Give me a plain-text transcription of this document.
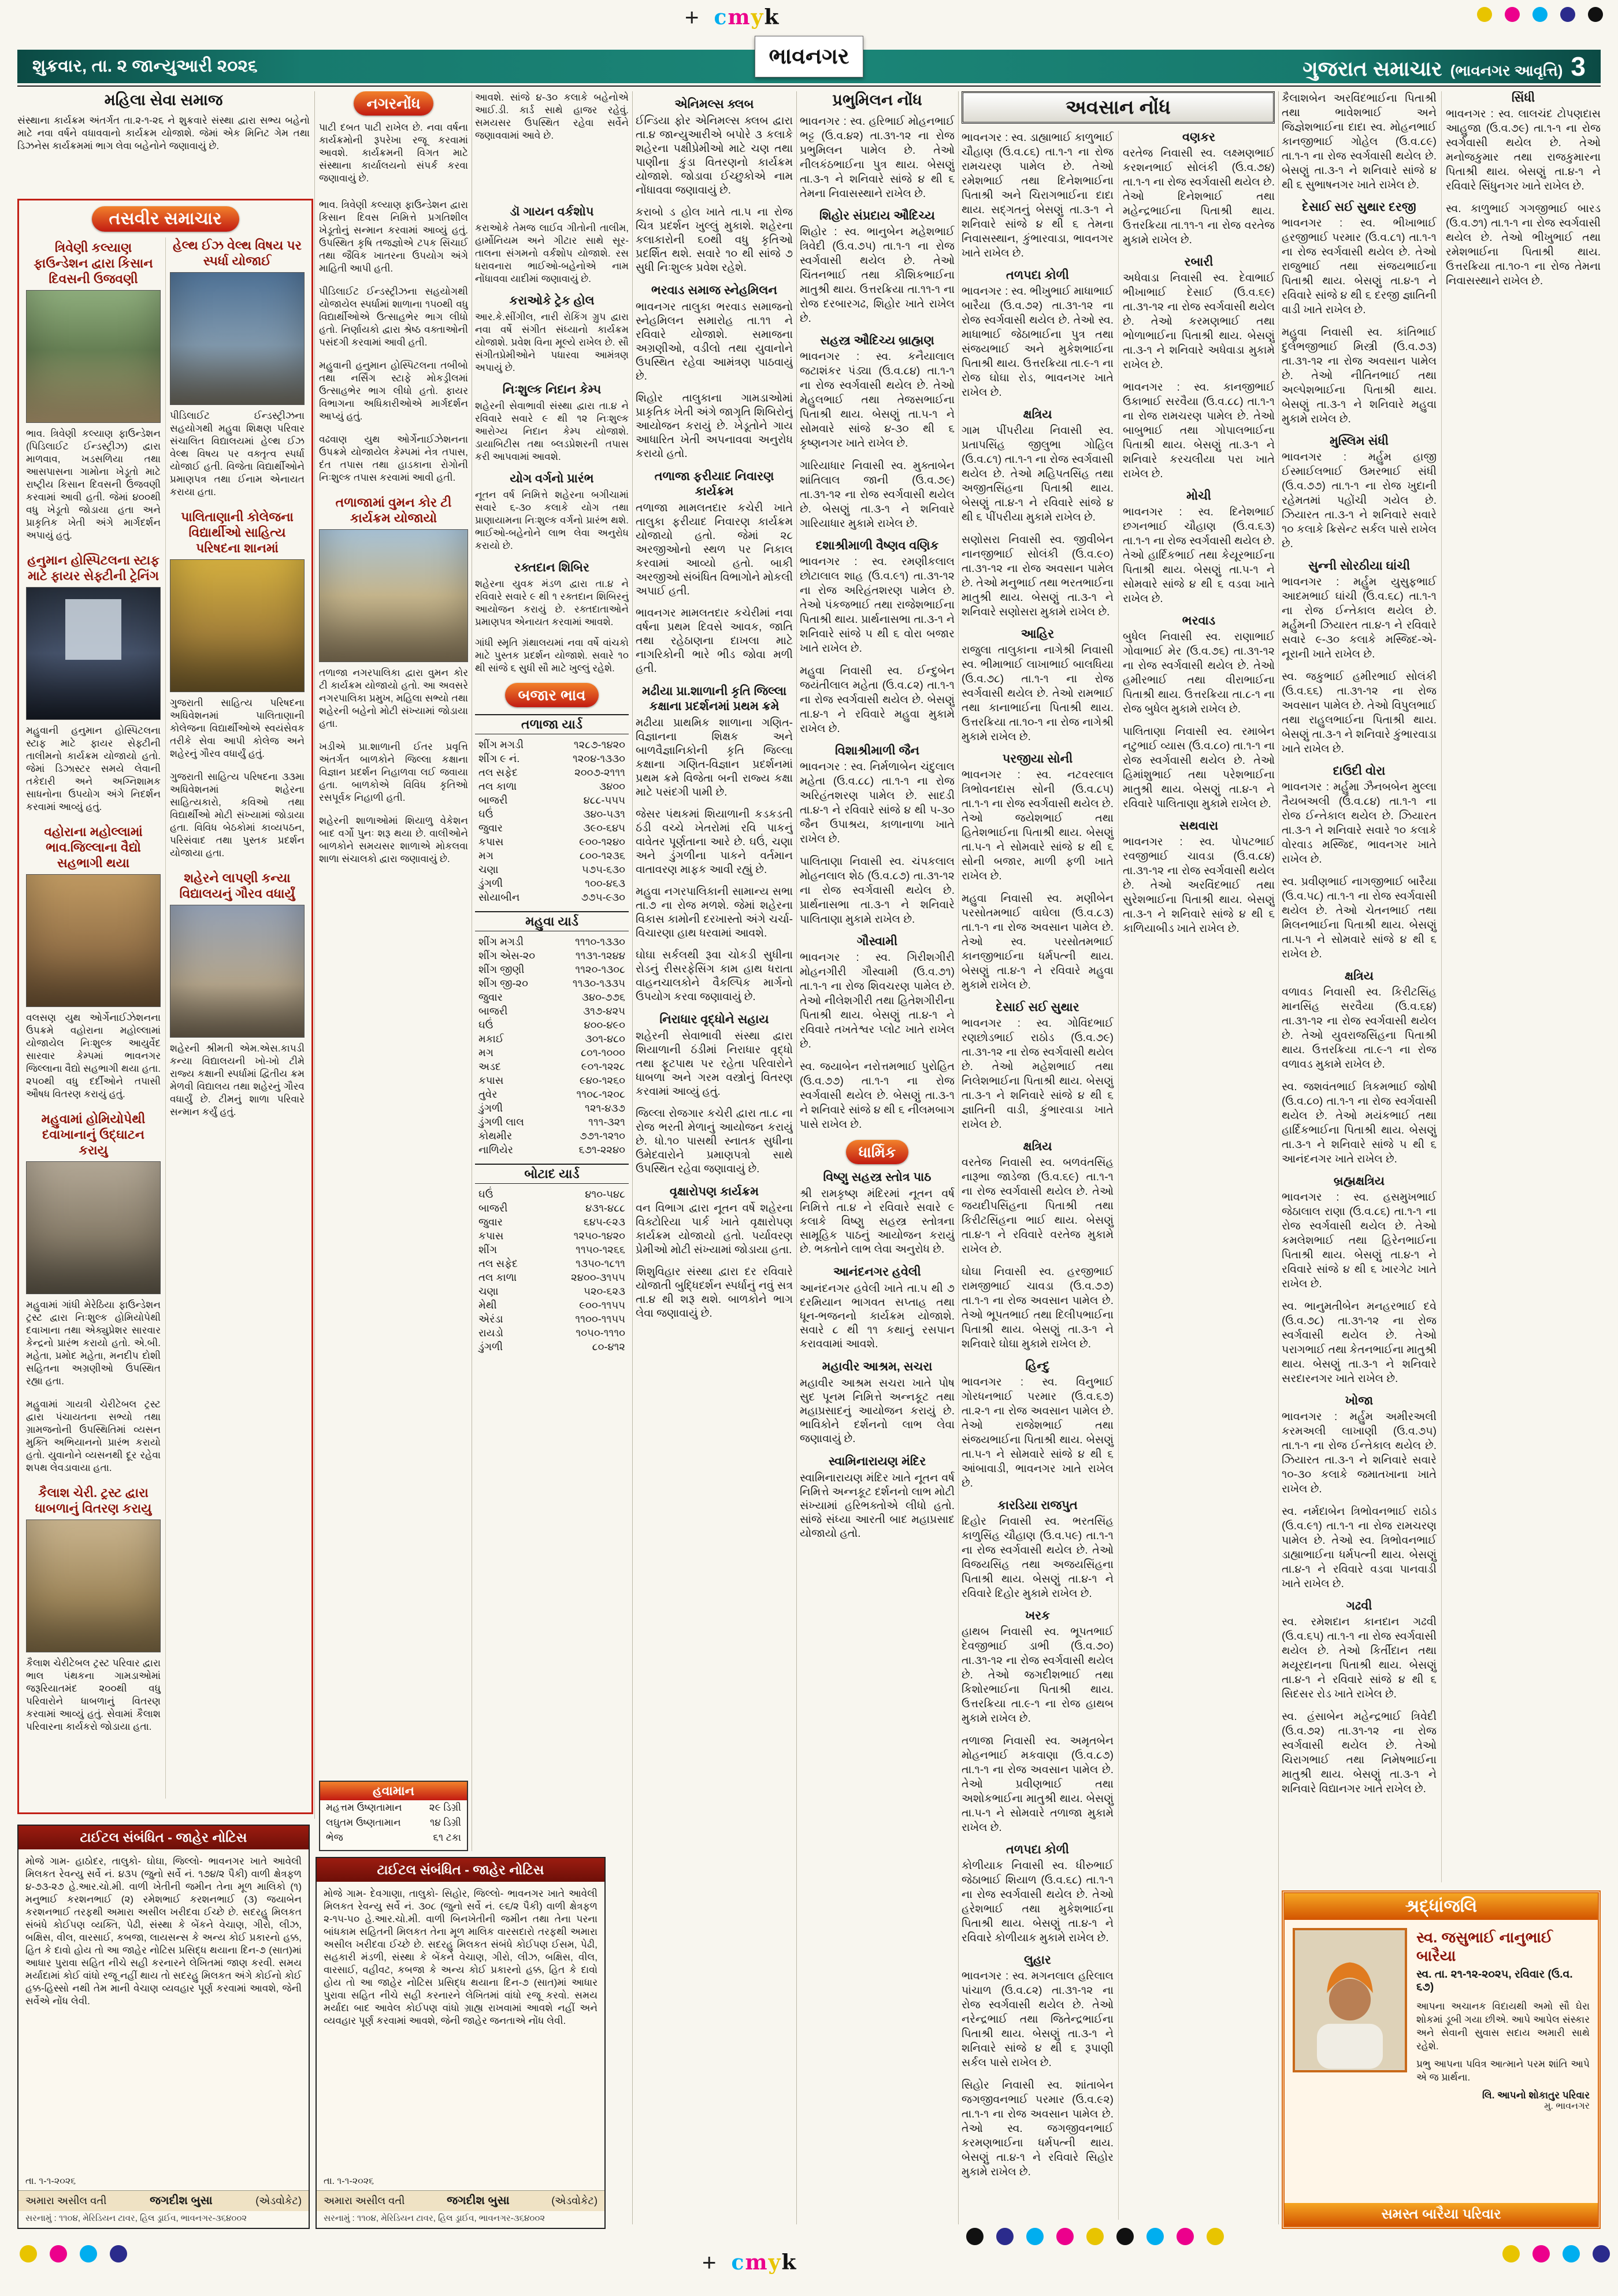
+ cmyk
શુક્રવાર, તા. ૨ જાન્યુઆરી ૨૦૨૬	ગુજરાત સમાચાર (ભાવનગર આવૃત્તિ) 3
ભાવનગર
મહિલા સેવા સમાજ
સંસ્થાના કાર્યક્રમ અંતર્ગત તા.૨-૧-૨૬ ને શુક્રવારે સંસ્થા દ્વારા સભ્ય બહેનો માટે નવા વર્ષને વધાવવાનો કાર્યક્રમ યોજાશે. જેમાં એક મિનિટ ગેમ તથા ડિઝનેસ કાર્યક્રમમાં ભાગ લેવા બહેનોને જણાવાયું છે.
નગરનોંધ
પાટી દબત પાટી રાખેલ છે. નવા વર્ષના કાર્યક્રમોની રૂપરેખા રજૂ કરવામાં આવશે. કાર્યક્રમની વિગત માટે સંસ્થાના કાર્યાલયનો સંપર્ક કરવા જણાવાયું છે.
આવશે. સાંજે ૪-૩૦ કલાકે બહેનોએ આઈ.ડી. કાર્ડ સાથે હાજર રહેવું. સમયસર ઉપસ્થિત રહેવા સર્વેને જણાવવામાં આવે છે.
તસવીર સમાચાર
ત્રિવેણી કલ્યાણ ફાઉન્ડેશન દ્વારા કિસાન દિવસની ઉજવણી
ભાવ. ત્રિવેણી કલ્યાણ ફાઉન્ડેશન (પિડિલાઈટ ઈન્ડસ્ટ્રીઝ) દ્વારા માળવાવ, ખડસળિયા તથા આસપાસના ગામોના ખેડૂતો માટે રાષ્ટ્રીય કિસાન દિવસની ઉજવણી કરવામાં આવી હતી. જેમાં ૪૦૦થી વધુ ખેડૂતો જોડાયા હતા અને પ્રાકૃતિક ખેતી અંગે માર્ગદર્શન અપાયું હતું.
હનુમાન હોસ્પિટલના સ્ટાફ માટે ફાયર સેફ્ટીની ટ્રેનિંગ
મહુવાની હનુમાન હોસ્પિટલના સ્ટાફ માટે ફાયર સેફ્ટીની તાલીમનો કાર્યક્રમ યોજાયો હતો. જેમાં ડિઝાસ્ટર સમયે લેવાની તકેદારી અને અગ્નિશામક સાધનોના ઉપયોગ અંગે નિદર્શન કરવામાં આવ્યું હતું.
વહોરાના મહોલ્લામાં ભાવ.જિલ્લાના વૈદ્યો સહભાગી થયા
વલસણ યુથ ઓર્ગેનાઈઝેશનના ઉપક્રમે વહોરાના મહોલ્લામાં યોજાયેલ નિઃશુલ્ક આયુર્વેદ સારવાર કેમ્પમાં ભાવનગર જિલ્લાના વૈદ્યો સહભાગી થયા હતા. ૨૫૦થી વધુ દર્દીઓને તપાસી ઔષધ વિતરણ કરાયું હતું.
મહુવામાં હોમિયોપેથી દવાખાનાનું ઉદ્ઘાટન કરાયુ
મહુવામાં ગાંધી મેરેઠિયા ફાઉન્ડેશન ટ્રસ્ટ દ્વારા નિઃશુલ્ક હોમિયોપેથી દવાખાના તથા એક્યુપ્રેશર સારવાર કેન્દ્રનો પ્રારંભ કરાયો હતો. એ.બી. મહેતા, પ્રમોદ મહેતા, મનદીપ દોશી સહિતના અગ્રણીઓ ઉપસ્થિત રહ્યા હતા.
મહુવામાં ગાયત્રી ચેરીટેબલ ટ્રસ્ટ દ્વારા પંચાયતના સભ્યો તથા ગ્રામજનોની ઉપસ્થિતિમાં વ્યસન મુક્તિ અભિયાનનો પ્રારંભ કરાયો હતો. યુવાનોને વ્યસનથી દૂર રહેવા શપથ લેવડાવાયા હતા.
કૈલાશ ચેરી. ટ્રસ્ટ દ્વારા ધાબળાનું વિતરણ કરાયુ
કૈલાશ ચેરીટેબલ ટ્રસ્ટ પરિવાર દ્વારા ભાલ પંથકના ગામડાઓમાં જરૂરિયાતમંદ ૨૦૦થી વધુ પરિવારોને ધાબળાનું વિતરણ કરવામાં આવ્યું હતું. સેવામાં કૈલાશ પરિવારના કાર્યકરો જોડાયા હતા.
હેલ્થ ઈઝ વેલ્થ વિષય પર સ્પર્ધા યોજાઈ
પીડિલાઈટ ઈન્ડસ્ટ્રીઝના સહયોગથી મહુવા શિક્ષણ પરિવાર સંચાલિત વિદ્યાલયમાં હેલ્થ ઈઝ વેલ્થ વિષય પર વક્તૃત્વ સ્પર્ધા યોજાઈ હતી. વિજેતા વિદ્યાર્થીઓને પ્રમાણપત્ર તથા ઈનામ એનાયત કરાયા હતા.
પાલિતાણાની કોલેજના વિદ્યાર્થીઓ સાહિત્ય પરિષદના શાનમાં
ગુજરાતી સાહિત્ય પરિષદના અધિવેશનમાં પાલિતાણાની કોલેજના વિદ્યાર્થીઓએ સ્વયંસેવક તરીકે સેવા આપી કોલેજ અને શહેરનું ગૌરવ વધાર્યું હતું.
ગુજરાતી સાહિત્ય પરિષદના ૩૩મા અધિવેશનમાં શહેરના સાહિત્યકારો, કવિઓ તથા વિદ્યાર્થીઓ મોટી સંખ્યામાં જોડાયા હતા. વિવિધ બેઠકોમાં કાવ્યપઠન, પરિસંવાદ તથા પુસ્તક પ્રદર્શન યોજાયા હતા.
શહેરને લાપણી કન્યા વિદ્યાલયનું ગૌરવ વધાર્યું
શહેરની શ્રીમતી એમ.એસ.કાપડી કન્યા વિદ્યાલયની ખો-ખો ટીમે રાજ્ય કક્ષાની સ્પર્ધામાં દ્વિતીય ક્રમ મેળવી વિદ્યાલય તથા શહેરનું ગૌરવ વધાર્યું છે. ટીમનું શાળા પરિવારે સન્માન કર્યું હતું.
ભાવ. ત્રિવેણી કલ્યાણ ફાઉન્ડેશન દ્વારા કિસાન દિવસ નિમિત્તે પ્રગતિશીલ ખેડૂતોનું સન્માન કરવામાં આવ્યું હતું. ઉપસ્થિત કૃષિ તજજ્ઞોએ ટપક સિંચાઈ તથા જૈવિક ખાતરના ઉપયોગ અંગે માહિતી આપી હતી.
પીડિલાઈટ ઈન્ડસ્ટ્રીઝના સહયોગથી યોજાયેલ સ્પર્ધામાં શાળાના ૧૫૦થી વધુ વિદ્યાર્થીઓએ ઉત્સાહભેર ભાગ લીધો હતો. નિર્ણાયકો દ્વારા શ્રેષ્ઠ વક્તાઓની પસંદગી કરવામાં આવી હતી.
મહુવાની હનુમાન હોસ્પિટલના તબીબો તથા નર્સિંગ સ્ટાફે મોકડ્રીલમાં ઉત્સાહભેર ભાગ લીધો હતો. ફાયર વિભાગના અધિકારીઓએ માર્ગદર્શન આપ્યું હતું.
વઢવાણ યુથ ઓર્ગેનાઈઝેશનના ઉપક્રમે યોજાયેલ કેમ્પમાં નેત્ર તપાસ, દંત તપાસ તથા હાડકાના રોગોની નિઃશુલ્ક તપાસ કરવામાં આવી હતી.
તળાજામાં વુમન કોર ટી કાર્યક્રમ યોજાયો
તળાજા નગરપાલિકા દ્વારા વુમન કોર ટી કાર્યક્રમ યોજાયો હતો. આ અવસરે નગરપાલિકા પ્રમુખ, મહિલા સભ્યો તથા શહેરની બહેનો મોટી સંખ્યામાં જોડાયા હતા.
ખડીએ પ્રા.શાળાની ઈતર પ્રવૃત્તિ અંતર્ગત બાળકોને જિલ્લા કક્ષાના વિજ્ઞાન પ્રદર્શન નિહાળવા લઈ જવાયા હતા. બાળકોએ વિવિધ કૃતિઓ રસપૂર્વક નિહાળી હતી.
શહેરની શાળાઓમાં શિયાળુ વેકેશન બાદ વર્ગો પુનઃ શરૂ થયા છે. વાલીઓને બાળકોને સમયસર શાળાએ મોકલવા શાળા સંચાલકો દ્વારા જણાવાયું છે.
હવામાન
મહત્તમ ઉષ્ણતામાન	૨૯ ડિગ્રી
લઘુતમ ઉષ્ણતામાન	૧૪ ડિગ્રી
ભેજ	૬૧ ટકા
ડૉ ગાયન વર્કશોપ
કરાઓકે તેમજ લાઈવ ગીતોની તાલીમ, હાર્મોનિયમ અને ગીટાર સાથે સૂર-તાલના સંગમનો વર્કશોપ યોજાશે. રસ ધરાવનારા ભાઈઓ-બહેનોએ નામ નોંધાવવા યાદીમાં જણાવાયું છે.
કરાઓકે ટ્રેક હોલ
આર.કે.સીંગીલ, નારી રોકિંગ ગ્રુપ દ્વારા નવા વર્ષે સંગીત સંધ્યાનો કાર્યક્રમ યોજાશે. પ્રવેશ વિના મૂલ્યે રાખેલ છે. સૌ સંગીતપ્રેમીઓને પધારવા આમંત્રણ અપાયું છે.
નિઃશુલ્ક નિદાન કેમ્પ
શહેરની સેવાભાવી સંસ્થા દ્વારા તા.૪ ને રવિવારે સવારે ૯ થી ૧૨ નિઃશુલ્ક આરોગ્ય નિદાન કેમ્પ યોજાશે. ડાયાબિટીસ તથા બ્લડપ્રેશરની તપાસ કરી આપવામાં આવશે.
યોગ વર્ગનો પ્રારંભ
નૂતન વર્ષ નિમિત્તે શહેરના બગીચામાં સવારે ૬-૩૦ કલાકે યોગ તથા પ્રાણાયામના નિઃશુલ્ક વર્ગનો પ્રારંભ થશે. ભાઈઓ-બહેનોને લાભ લેવા અનુરોધ કરાયો છે.
રક્તદાન શિબિર
શહેરના યુવક મંડળ દ્વારા તા.૪ ને રવિવારે સવારે ૯ થી ૧ રક્તદાન શિબિરનું આયોજન કરાયું છે. રક્તદાતાઓને પ્રમાણપત્ર એનાયત કરવામાં આવશે.
ગાંધી સ્મૃતિ ગ્રંથાલયમાં નવા વર્ષે વાંચકો માટે પુસ્તક પ્રદર્શન યોજાશે. સવારે ૧૦ થી સાંજે ૬ સુધી સૌ માટે ખુલ્લું રહેશે.
બજાર ભાવ
તળાજા યાર્ડ
શીંગ મગડી	૧૨૮૭-૧૪૨૦
શીંગ ૯ નં.	૧૨૦૪-૧૩૩૦
તલ સફેદ	૨૦૦૭-૨૧૧૧
તલ કાળા	૩૪૦૦
બાજરી	૪૮૮-૫૫૫
ઘઉં	૩૪૦-૫૩૧
જુવાર	૩૯૦-૬૪૫
કપાસ	૯૦૦-૧૨૪૦
મગ	૮૦૦-૧૨૩૬
ચણા	૫૭૫-૬૩૦
ડુંગળી	૧૦૦-૪૬૩
સોયાબીન	૭૭૫-૯૩૦
મહુવા યાર્ડ
શીંગ મગડી	૧૧૧૦-૧૩૩૦
શીંગ એસ-૨૦	૧૧૩૧-૧૨૪૪
શીંગ જીણી	૧૧૨૦-૧૩૦૮
શીંગ જી-૨૦	૧૧૩૦-૧૩૩૫
જુવાર	૩૪૦-૭૭૬
બાજરી	૩૧૭-૪૨૫
ઘઉં	૪૦૦-૪૯૦
મકાઈ	૩૦૧-૪૮૦
મગ	૮૦૧-૧૦૦૦
અડદ	૯૦૧-૧૨૨૮
કપાસ	૯૪૦-૧૨૬૦
તુવેર	૧૧૦૮-૧૨૦૮
ડુંગળી	૧૨૧-૪૩૭
ડુંગળી લાલ	૧૧૧-૩૨૧
કોથમીર	૭૭૧-૧૨૧૦
નાળિયેર	૬૭૧-૨૨૪૦
બોટાદ યાર્ડ
ઘઉં	૪૧૦-૫૪૮
બાજરી	૪૩૧-૪૮૮
જુવાર	૬૪૫-૯૨૩
કપાસ	૧૨૫૦-૧૪૨૦
શીંગ	૧૧૫૦-૧૨૬૬
તલ સફેદ	૧૩૫૦-૧૮૧૧
તલ કાળા	૨૪૦૦-૩૧૫૫
ચણા	૫૨૦-૬૨૩
મેથી	૯૦૦-૧૧૫૫
એરંડા	૧૧૦૦-૧૧૫૫
રાયડો	૧૦૫૦-૧૧૧૦
ડુંગળી	૮૦-૪૧૨
એનિમલ્સ ક્લબ
ઈન્ડિયા ફોર એનિમલ્સ ક્લબ દ્વારા તા.૪ જાન્યુઆરીએ બપોરે ૩ કલાકે શહેરના પક્ષીપ્રેમીઓ માટે ચણ તથા પાણીના કુંડા વિતરણનો કાર્યક્રમ યોજાશે. જોડાવા ઈચ્છુકોએ નામ નોંધાવવા જણાવાયું છે.
કરાબો ડ હોલ ખાતે તા.૫ ના રોજ ચિત્ર પ્રદર્શન ખુલ્લું મુકાશે. શહેરના કલાકારોની ૬૦થી વધુ કૃતિઓ પ્રદર્શિત થશે. સવારે ૧૦ થી સાંજે ૭ સુધી નિઃશુલ્ક પ્રવેશ રહેશે.
ભરવાડ સમાજ સ્નેહમિલન
ભાવનગર તાલુકા ભરવાડ સમાજનો સ્નેહમિલન સમારોહ તા.૧૧ ને રવિવારે યોજાશે. સમાજના અગ્રણીઓ, વડીલો તથા યુવાનોને ઉપસ્થિત રહેવા આમંત્રણ પાઠવાયું છે.
શિહોર તાલુકાના ગામડાઓમાં પ્રાકૃતિક ખેતી અંગે જાગૃતિ શિબિરોનું આયોજન કરાયું છે. ખેડૂતોને ગાય આધારિત ખેતી અપનાવવા અનુરોધ કરાયો હતો.
તળાજા ફરીયાદ નિવારણ કાર્યક્રમ
તળાજા મામલતદાર કચેરી ખાતે તાલુકા ફરીયાદ નિવારણ કાર્યક્રમ યોજાયો હતો. જેમાં ૨૮ અરજીઓનો સ્થળ પર નિકાલ કરવામાં આવ્યો હતો. બાકી અરજીઓ સંબંધિત વિભાગોને મોકલી અપાઈ હતી.
ભાવનગર મામલતદાર કચેરીમાં નવા વર્ષના પ્રથમ દિવસે આવક, જાતિ તથા રહેઠાણના દાખલા માટે નાગરિકોની ભારે ભીડ જોવા મળી હતી.
મઢીયા પ્રા.શાળાની કૃતિ જિલ્લા કક્ષાના પ્રદર્શનમાં પ્રથમ ક્રમે
મઢીયા પ્રાથમિક શાળાના ગણિત-વિજ્ઞાનના શિક્ષક અને બાળવૈજ્ઞાનિકોની કૃતિ જિલ્લા કક્ષાના ગણિત-વિજ્ઞાન પ્રદર્શનમાં પ્રથમ ક્રમે વિજેતા બની રાજ્ય કક્ષા માટે પસંદગી પામી છે.
જેસર પંથકમાં શિયાળાની કડકડતી ઠંડી વચ્ચે ખેતરોમાં રવિ પાકનું વાવેતર પૂર્ણતાના આરે છે. ઘઉં, ચણા અને ડુંગળીના પાકને વર્તમાન વાતાવરણ માફક આવી રહ્યું છે.
મહુવા નગરપાલિકાની સામાન્ય સભા તા.૭ ના રોજ મળશે. જેમાં શહેરના વિકાસ કામોની દરખાસ્તો અંગે ચર્ચા-વિચારણા હાથ ધરવામાં આવશે.
ઘોઘા સર્કલથી રૂવા ચોકડી સુધીના રોડનું રીસરફેસિંગ કામ હાથ ધરાતા વાહનચાલકોને વૈકલ્પિક માર્ગનો ઉપયોગ કરવા જણાવાયું છે.
નિરાધાર વૃદ્ધોને સહાય
શહેરની સેવાભાવી સંસ્થા દ્વારા શિયાળાની ઠંડીમાં નિરાધાર વૃદ્ધો તથા ફૂટપાથ પર રહેતા પરિવારોને ધાબળા અને ગરમ વસ્ત્રોનું વિતરણ કરવામાં આવ્યું હતું.
જિલ્લા રોજગાર કચેરી દ્વારા તા.૮ ના રોજ ભરતી મેળાનું આયોજન કરાયું છે. ધો.૧૦ પાસથી સ્નાતક સુધીના ઉમેદવારોને પ્રમાણપત્રો સાથે ઉપસ્થિત રહેવા જણાવાયું છે.
વૃક્ષારોપણ કાર્યક્રમ
વન વિભાગ દ્વારા નૂતન વર્ષે શહેરના વિક્ટોરિયા પાર્ક ખાતે વૃક્ષારોપણ કાર્યક્રમ યોજાયો હતો. પર્યાવરણ પ્રેમીઓ મોટી સંખ્યામાં જોડાયા હતા.
શિશુવિહાર સંસ્થા દ્વારા દર રવિવારે યોજાતી બુદ્ધિદર્શન સ્પર્ધાનું નવું સત્ર તા.૪ થી શરૂ થશે. બાળકોને ભાગ લેવા જણાવાયું છે.
પ્રભુમિલન નોંધ
ભાવનગર : સ્વ. હરિભાઈ મોહનભાઈ ભટ્ટ (ઉ.વ.૪૨) તા.૩૧-૧૨ ના રોજ પ્રભુમિલન પામેલ છે. તેઓ નીલકંઠભાઈના પુત્ર થાય. બેસણું તા.૩-૧ ને શનિવારે સાંજે ૪ થી ૬ તેમના નિવાસસ્થાને રાખેલ છે.
શિહોર સંપ્રદાય ઔદિચ્ય
શિહોર : સ્વ. ભાનુબેન મહેશભાઈ ત્રિવેદી (ઉ.વ.૭૫) તા.૧-૧ ના રોજ સ્વર્ગવાસી થયેલ છે. તેઓ ચિંતનભાઈ તથા કૌશિકભાઈના માતુશ્રી થાય. ઉત્તરક્રિયા તા.૧૧-૧ ના રોજ દરબારગઢ, શિહોર ખાતે રાખેલ છે.
સહસ્ત્ર ઔદિચ્ય બ્રાહ્મણ
ભાવનગર : સ્વ. કનૈયાલાલ જટાશંકર પંડ્યા (ઉ.વ.૮૪) તા.૧-૧ ના રોજ સ્વર્ગવાસી થયેલ છે. તેઓ મેહુલભાઈ તથા તેજસભાઈના પિતાશ્રી થાય. બેસણું તા.૫-૧ ને સોમવારે સાંજે ૪-૩૦ થી ૬ કૃષ્ણનગર ખાતે રાખેલ છે.
ગારિયાધાર નિવાસી સ્વ. મુક્તાબેન શાંતિલાલ જાની (ઉ.વ.૭૯) તા.૩૧-૧૨ ના રોજ સ્વર્ગવાસી થયેલ છે. બેસણું તા.૩-૧ ને શનિવારે ગારિયાધાર મુકામે રાખેલ છે.
દશાશ્રીમાળી વૈષ્ણવ વણિક
ભાવનગર : સ્વ. રમણીકલાલ છોટાલાલ શાહ (ઉ.વ.૯૧) તા.૩૧-૧૨ ના રોજ અરિહંતશરણ પામેલ છે. તેઓ પંકજભાઈ તથા રાજેશભાઈના પિતાશ્રી થાય. પ્રાર્થનાસભા તા.૩-૧ ને શનિવારે સાંજે ૫ થી ૬ વોરા બજાર ખાતે રાખેલ છે.
મહુવા નિવાસી સ્વ. ઈન્દુબેન જયંતીલાલ મહેતા (ઉ.વ.૮૨) તા.૧-૧ ના રોજ સ્વર્ગવાસી થયેલ છે. બેસણું તા.૪-૧ ને રવિવારે મહુવા મુકામે રાખેલ છે.
વિશાશ્રીમાળી જૈન
ભાવનગર : સ્વ. નિર્મળાબેન ચંદુલાલ મહેતા (ઉ.વ.૮૮) તા.૧-૧ ના રોજ અરિહંતશરણ પામેલ છે. સાદડી તા.૪-૧ ને રવિવારે સાંજે ૪ થી ૫-૩૦ જૈન ઉપાશ્રય, કાળાનાળા ખાતે રાખેલ છે.
પાલિતાણા નિવાસી સ્વ. ચંપકલાલ મોહનલાલ શેઠ (ઉ.વ.૮૭) તા.૩૧-૧૨ ના રોજ સ્વર્ગવાસી થયેલ છે. પ્રાર્થનાસભા તા.૩-૧ ને શનિવારે પાલિતાણા મુકામે રાખેલ છે.
ગૌસ્વામી
ભાવનગર : સ્વ. ગિરીશગીરી મોહનગીરી ગૌસ્વામી (ઉ.વ.૭૧) તા.૧-૧ ના રોજ શિવચરણ પામેલ છે. તેઓ નીલેશગીરી તથા હિતેશગીરીના પિતાશ્રી થાય. બેસણું તા.૪-૧ ને રવિવારે તખતેશ્વર પ્લોટ ખાતે રાખેલ છે.
સ્વ. જયાબેન નરોત્તમભાઈ પુરોહિત (ઉ.વ.૭૭) તા.૧-૧ ના રોજ સ્વર્ગવાસી થયેલ છે. બેસણું તા.૩-૧ ને શનિવારે સાંજે ૪ થી ૬ નીલમબાગ પાસે રાખેલ છે.
ધાર્મિક
વિષ્ણુ સહસ્ત્ર સ્તોત્ર પાઠ
શ્રી રામકૃષ્ણ મંદિરમાં નૂતન વર્ષ નિમિત્તે તા.૪ ને રવિવારે સવારે ૯ કલાકે વિષ્ણુ સહસ્ત્ર સ્તોત્રના સામૂહિક પાઠનું આયોજન કરાયું છે. ભક્તોને લાભ લેવા અનુરોધ છે.
આનંદનગર હવેલી
આનંદનગર હવેલી ખાતે તા.૫ થી ૭ દરમિયાન ભાગવત સપ્તાહ તથા ધૂન-ભજનનો કાર્યક્રમ યોજાશે. સવારે ૮ થી ૧૧ કથાનું રસપાન કરાવવામાં આવશે.
મહાવીર આશ્રમ, સચરા
મહાવીર આશ્રમ સચરા ખાતે પોષ સુદ પૂનમ નિમિત્તે અન્નકૂટ તથા મહાપ્રસાદનું આયોજન કરાયું છે. ભાવિકોને દર્શનનો લાભ લેવા જણાવાયું છે.
સ્વામિનારાયણ મંદિર
સ્વામિનારાયણ મંદિર ખાતે નૂતન વર્ષ નિમિત્તે અન્નકૂટ દર્શનનો લાભ મોટી સંખ્યામાં હરિભક્તોએ લીધો હતો. સાંજે સંધ્યા આરતી બાદ મહાપ્રસાદ યોજાયો હતો.
અવસાન નોંધ
ભાવનગર : સ્વ. ડાહ્યાભાઈ કાળુભાઈ ચૌહાણ (ઉ.વ.૮૬) તા.૧-૧ ના રોજ રામચરણ પામેલ છે. તેઓ રમેશભાઈ તથા દિનેશભાઈના પિતાશ્રી અને ચિરાગભાઈના દાદા થાય. સદ્ગતનું બેસણું તા.૩-૧ ને શનિવારે સાંજે ૪ થી ૬ તેમના નિવાસસ્થાન, કુંભારવાડા, ભાવનગર ખાતે રાખેલ છે.
તળપદા કોળી
ભાવનગર : સ્વ. ભીખુભાઈ માધાભાઈ બારૈયા (ઉ.વ.૭૨) તા.૩૧-૧૨ ના રોજ સ્વર્ગવાસી થયેલ છે. તેઓ સ્વ. માધાભાઈ જેઠાભાઈના પુત્ર તથા સંજયભાઈ અને મુકેશભાઈના પિતાશ્રી થાય. ઉત્તરક્રિયા તા.૯-૧ ના રોજ ઘોઘા રોડ, ભાવનગર ખાતે રાખેલ છે.
ક્ષત્રિય
ગામ પીંપરીયા નિવાસી સ્વ. પ્રતાપસિંહ જીલુભા ગોહિલ (ઉ.વ.૮૧) તા.૧-૧ ના રોજ સ્વર્ગવાસી થયેલ છે. તેઓ મહિપતસિંહ તથા અજીતસિંહના પિતાશ્રી થાય. બેસણું તા.૪-૧ ને રવિવારે સાંજે ૪ થી ૬ પીંપરીયા મુકામે રાખેલ છે.
સણોસરા નિવાસી સ્વ. જીવીબેન નાનજીભાઈ સોલંકી (ઉ.વ.૯૦) તા.૩૧-૧૨ ના રોજ અવસાન પામેલ છે. તેઓ મનુભાઈ તથા ભરતભાઈના માતુશ્રી થાય. બેસણું તા.૩-૧ ને શનિવારે સણોસરા મુકામે રાખેલ છે.
આહિર
રાજુલા તાલુકાના નાગેશ્રી નિવાસી સ્વ. ભીમાભાઈ લાખાભાઈ બાલધિયા (ઉ.વ.૭૮) તા.૧-૧ ના રોજ સ્વર્ગવાસી થયેલ છે. તેઓ રામભાઈ તથા કાનાભાઈના પિતાશ્રી થાય. ઉત્તરક્રિયા તા.૧૦-૧ ના રોજ નાગેશ્રી મુકામે રાખેલ છે.
પરજીયા સોની
ભાવનગર : સ્વ. નટવરલાલ ત્રિભોવનદાસ સોની (ઉ.વ.૮૫) તા.૧-૧ ના રોજ સ્વર્ગવાસી થયેલ છે. તેઓ જયેશભાઈ તથા હિતેશભાઈના પિતાશ્રી થાય. બેસણું તા.૫-૧ ને સોમવારે સાંજે ૪ થી ૬ સોની બજાર, માળી ફળી ખાતે રાખેલ છે.
મહુવા નિવાસી સ્વ. મણીબેન પરસોતમભાઈ વાઘેલા (ઉ.વ.૮૩) તા.૧-૧ ના રોજ અવસાન પામેલ છે. તેઓ સ્વ. પરસોતમભાઈ કાનજીભાઈના ધર્મપત્ની થાય. બેસણું તા.૪-૧ ને રવિવારે મહુવા મુકામે રાખેલ છે.
દેસાઈ સઈ સુથાર
ભાવનગર : સ્વ. ગોવિંદભાઈ રણછોડભાઈ રાઠોડ (ઉ.વ.૭૯) તા.૩૧-૧૨ ના રોજ સ્વર્ગવાસી થયેલ છે. તેઓ મહેશભાઈ તથા નિલેશભાઈના પિતાશ્રી થાય. બેસણું તા.૩-૧ ને શનિવારે સાંજે ૪ થી ૬ જ્ઞાતિની વાડી, કુંભારવાડા ખાતે રાખેલ છે.
ક્ષત્રિય
વરતેજ નિવાસી સ્વ. બળવંતસિંહ નારૂભા જાડેજા (ઉ.વ.૬૯) તા.૧-૧ ના રોજ સ્વર્ગવાસી થયેલ છે. તેઓ જયદીપસિંહના પિતાશ્રી તથા કિરીટસિંહના ભાઈ થાય. બેસણું તા.૪-૧ ને રવિવારે વરતેજ મુકામે રાખેલ છે.
ઘોઘા નિવાસી સ્વ. હરજીભાઈ રામજીભાઈ ચાવડા (ઉ.વ.૭૭) તા.૧-૧ ના રોજ અવસાન પામેલ છે. તેઓ ભૂપતભાઈ તથા દિલીપભાઈના પિતાશ્રી થાય. બેસણું તા.૩-૧ ને શનિવારે ઘોઘા મુકામે રાખેલ છે.
હિન્દુ
ભાવનગર : સ્વ. વિનુભાઈ ગોરધનભાઈ પરમાર (ઉ.વ.૬૭) તા.૨-૧ ના રોજ અવસાન પામેલ છે. તેઓ રાજેશભાઈ તથા સંજયભાઈના પિતાશ્રી થાય. બેસણું તા.૫-૧ ને સોમવારે સાંજે ૪ થી ૬ આંબાવાડી, ભાવનગર ખાતે રાખેલ છે.
કારડિયા રાજપુત
દિહોર નિવાસી સ્વ. ભરતસિંહ કાળુસિંહ ચૌહાણ (ઉ.વ.૫૯) તા.૧-૧ ના રોજ સ્વર્ગવાસી થયેલ છે. તેઓ વિજયસિંહ તથા અજયસિંહના પિતાશ્રી થાય. બેસણું તા.૪-૧ ને રવિવારે દિહોર મુકામે રાખેલ છે.
ખરક
હાથબ નિવાસી સ્વ. ભૂપતભાઈ દેવજીભાઈ ડાભી (ઉ.વ.૭૦) તા.૩૧-૧૨ ના રોજ સ્વર્ગવાસી થયેલ છે. તેઓ જગદીશભાઈ તથા કિશોરભાઈના પિતાશ્રી થાય. ઉત્તરક્રિયા તા.૯-૧ ના રોજ હાથબ મુકામે રાખેલ છે.
તળાજા નિવાસી સ્વ. અમૃતબેન મોહનભાઈ મકવાણા (ઉ.વ.૮૭) તા.૧-૧ ના રોજ અવસાન પામેલ છે. તેઓ પ્રવીણભાઈ તથા અશોકભાઈના માતુશ્રી થાય. બેસણું તા.૫-૧ ને સોમવારે તળાજા મુકામે રાખેલ છે.
તળપદા કોળી
કોળીયાક નિવાસી સ્વ. ધીરુભાઈ જેઠાભાઈ શિયાળ (ઉ.વ.૬૮) તા.૧-૧ ના રોજ સ્વર્ગવાસી થયેલ છે. તેઓ હરેશભાઈ તથા મુકેશભાઈના પિતાશ્રી થાય. બેસણું તા.૪-૧ ને રવિવારે કોળીયાક મુકામે રાખેલ છે.
લુહાર
ભાવનગર : સ્વ. મગનલાલ હરિલાલ પાંચાળ (ઉ.વ.૮૨) તા.૩૧-૧૨ ના રોજ સ્વર્ગવાસી થયેલ છે. તેઓ નરેન્દ્રભાઈ તથા જિતેન્દ્રભાઈના પિતાશ્રી થાય. બેસણું તા.૩-૧ ને શનિવારે સાંજે ૪ થી ૬ રૂપાણી સર્કલ પાસે રાખેલ છે.
સિહોર નિવાસી સ્વ. શાંતાબેન જગજીવનભાઈ પરમાર (ઉ.વ.૯૨) તા.૧-૧ ના રોજ અવસાન પામેલ છે. તેઓ સ્વ. જગજીવનભાઈ કરમણભાઈના ધર્મપત્ની થાય. બેસણું તા.૪-૧ ને રવિવારે સિહોર મુકામે રાખેલ છે.
વણકર
વરતેજ નિવાસી સ્વ. લક્ષ્મણભાઈ કરશનભાઈ સોલંકી (ઉ.વ.૭૪) તા.૧-૧ ના રોજ સ્વર્ગવાસી થયેલ છે. તેઓ દિનેશભાઈ તથા મહેન્દ્રભાઈના પિતાશ્રી થાય. ઉત્તરક્રિયા તા.૧૧-૧ ના રોજ વરતેજ મુકામે રાખેલ છે.
રબારી
અધેવાડા નિવાસી સ્વ. દેવાભાઈ ભીખાભાઈ દેસાઈ (ઉ.વ.૬૯) તા.૩૧-૧૨ ના રોજ સ્વર્ગવાસી થયેલ છે. તેઓ કરમણભાઈ તથા ભોળાભાઈના પિતાશ્રી થાય. બેસણું તા.૩-૧ ને શનિવારે અધેવાડા મુકામે રાખેલ છે.
ભાવનગર : સ્વ. કાનજીભાઈ ઉકાભાઈ સરવૈયા (ઉ.વ.૮૮) તા.૧-૧ ના રોજ રામચરણ પામેલ છે. તેઓ બાબુભાઈ તથા ગોપાલભાઈના પિતાશ્રી થાય. બેસણું તા.૩-૧ ને શનિવારે કરચલીયા પરા ખાતે રાખેલ છે.
મોચી
ભાવનગર : સ્વ. દિનેશભાઈ છગનભાઈ ચૌહાણ (ઉ.વ.૬૩) તા.૧-૧ ના રોજ સ્વર્ગવાસી થયેલ છે. તેઓ હાર્દિકભાઈ તથા કેયૂરભાઈના પિતાશ્રી થાય. બેસણું તા.૫-૧ ને સોમવારે સાંજે ૪ થી ૬ વડવા ખાતે રાખેલ છે.
ભરવાડ
બુધેલ નિવાસી સ્વ. રાણાભાઈ ગોવાભાઈ મેર (ઉ.વ.૭૬) તા.૩૧-૧૨ ના રોજ સ્વર્ગવાસી થયેલ છે. તેઓ હમીરભાઈ તથા વીરાભાઈના પિતાશ્રી થાય. ઉત્તરક્રિયા તા.૮-૧ ના રોજ બુધેલ મુકામે રાખેલ છે.
પાલિતાણા નિવાસી સ્વ. રમાબેન નટુભાઈ વ્યાસ (ઉ.વ.૮૦) તા.૧-૧ ના રોજ સ્વર્ગવાસી થયેલ છે. તેઓ હિમાંશુભાઈ તથા પરેશભાઈના માતુશ્રી થાય. બેસણું તા.૪-૧ ને રવિવારે પાલિતાણા મુકામે રાખેલ છે.
સથવારા
ભાવનગર : સ્વ. પોપટભાઈ રવજીભાઈ ચાવડા (ઉ.વ.૮૪) તા.૩૧-૧૨ ના રોજ સ્વર્ગવાસી થયેલ છે. તેઓ અરવિંદભાઈ તથા સુરેશભાઈના પિતાશ્રી થાય. બેસણું તા.૩-૧ ને શનિવારે સાંજે ૪ થી ૬ કાળિયાબીડ ખાતે રાખેલ છે.
કૈલાશબેન અરવિંદભાઈના પિતાશ્રી તથા ભાવેશભાઈ અને જિજ્ઞેશભાઈના દાદા સ્વ. મોહનભાઈ કાનજીભાઈ ગોહેલ (ઉ.વ.૮૯) તા.૧-૧ ના રોજ સ્વર્ગવાસી થયેલ છે. બેસણું તા.૩-૧ ને શનિવારે સાંજે ૪ થી ૬ સુભાષનગર ખાતે રાખેલ છે.
દેસાઈ સઈ સુથાર દરજી
ભાવનગર : સ્વ. ભીખાભાઈ હરજીભાઈ પરમાર (ઉ.વ.૮૧) તા.૧-૧ ના રોજ સ્વર્ગવાસી થયેલ છે. તેઓ રાજુભાઈ તથા સંજયભાઈના પિતાશ્રી થાય. બેસણું તા.૪-૧ ને રવિવારે સાંજે ૪ થી ૬ દરજી જ્ઞાતિની વાડી ખાતે રાખેલ છે.
મહુવા નિવાસી સ્વ. કાંતિભાઈ દુર્લભજીભાઈ મિસ્ત્રી (ઉ.વ.૭૩) તા.૩૧-૧૨ ના રોજ અવસાન પામેલ છે. તેઓ નીતિનભાઈ તથા અલ્પેશભાઈના પિતાશ્રી થાય. બેસણું તા.૩-૧ ને શનિવારે મહુવા મુકામે રાખેલ છે.
મુસ્લિમ સંધી
ભાવનગર : મર્હુમ હાજી ઈસ્માઈલભાઈ ઉમરભાઈ સંધી (ઉ.વ.૭૭) તા.૧-૧ ના રોજ ખુદાની રહેમતમાં પહોંચી ગયેલ છે. ઝિયારત તા.૩-૧ ને શનિવારે સવારે ૧૦ કલાકે ક્રિસેન્ટ સર્કલ પાસે રાખેલ છે.
સુન્ની સોરઠીયા ઘાંચી
ભાવનગર : મર્હુમ યુસુફભાઈ આદમભાઈ ઘાંચી (ઉ.વ.૬૮) તા.૧-૧ ના રોજ ઈન્તેકાલ થયેલ છે. મર્હુમની ઝિયારત તા.૪-૧ ને રવિવારે સવારે ૯-૩૦ કલાકે મસ્જિદ-એ-નૂરાની ખાતે રાખેલ છે.
સ્વ. જકુભાઈ હમીરભાઈ સોલંકી (ઉ.વ.૬૬) તા.૩૧-૧૨ ના રોજ અવસાન પામેલ છે. તેઓ વિપુલભાઈ તથા રાહુલભાઈના પિતાશ્રી થાય. બેસણું તા.૩-૧ ને શનિવારે કુંભારવાડા ખાતે રાખેલ છે.
દાઉદી વોરા
ભાવનગર : મર્હુમા ઝૈનબબેન મુલ્લા તૈયબઅલી (ઉ.વ.૮૪) તા.૧-૧ ના રોજ ઈન્તેકાલ થયેલ છે. ઝિયારત તા.૩-૧ ને શનિવારે સવારે ૧૦ કલાકે વોરવાડ મસ્જિદ, ભાવનગર ખાતે રાખેલ છે.
સ્વ. પ્રવીણભાઈ નાગજીભાઈ બારૈયા (ઉ.વ.૫૮) તા.૧-૧ ના રોજ સ્વર્ગવાસી થયેલ છે. તેઓ ચેતનભાઈ તથા મિલનભાઈના પિતાશ્રી થાય. બેસણું તા.૫-૧ ને સોમવારે સાંજે ૪ થી ૬ રાખેલ છે.
ક્ષત્રિય
વળાવડ નિવાસી સ્વ. કિરીટસિંહ માનસિંહ સરવૈયા (ઉ.વ.૬૪) તા.૩૧-૧૨ ના રોજ સ્વર્ગવાસી થયેલ છે. તેઓ યુવરાજસિંહના પિતાશ્રી થાય. ઉત્તરક્રિયા તા.૯-૧ ના રોજ વળાવડ મુકામે રાખેલ છે.
સ્વ. જશવંતભાઈ ત્રિકમભાઈ જોષી (ઉ.વ.૮૦) તા.૧-૧ ના રોજ સ્વર્ગવાસી થયેલ છે. તેઓ મયંકભાઈ તથા હાર્દિકભાઈના પિતાશ્રી થાય. બેસણું તા.૩-૧ ને શનિવારે સાંજે ૫ થી ૬ આનંદનગર ખાતે રાખેલ છે.
બ્રહ્મક્ષત્રિય
ભાવનગર : સ્વ. હસમુખભાઈ જેઠાલાલ રાણા (ઉ.વ.૮૬) તા.૧-૧ ના રોજ સ્વર્ગવાસી થયેલ છે. તેઓ કમલેશભાઈ તથા હિરેનભાઈના પિતાશ્રી થાય. બેસણું તા.૪-૧ ને રવિવારે સાંજે ૪ થી ૬ ખારગેટ ખાતે રાખેલ છે.
સ્વ. ભાનુમતીબેન મનહરભાઈ દવે (ઉ.વ.૭૮) તા.૩૧-૧૨ ના રોજ સ્વર્ગવાસી થયેલ છે. તેઓ પરાગભાઈ તથા કેતનભાઈના માતુશ્રી થાય. બેસણું તા.૩-૧ ને શનિવારે સરદારનગર ખાતે રાખેલ છે.
ખોજા
ભાવનગર : મર્હુમ અમીરઅલી કરમઅલી લાખાણી (ઉ.વ.૭૫) તા.૧-૧ ના રોજ ઈન્તેકાલ થયેલ છે. ઝિયારત તા.૩-૧ ને શનિવારે સવારે ૧૦-૩૦ કલાકે જમાતખાના ખાતે રાખેલ છે.
સ્વ. નર્મદાબેન ત્રિભોવનભાઈ રાઠોડ (ઉ.વ.૯૧) તા.૧-૧ ના રોજ રામચરણ પામેલ છે. તેઓ સ્વ. ત્રિભોવનભાઈ ડાહ્યાભાઈના ધર્મપત્ની થાય. બેસણું તા.૪-૧ ને રવિવારે વડવા પાનવાડી ખાતે રાખેલ છે.
ગઢવી
સ્વ. રમેશદાન કાનદાન ગઢવી (ઉ.વ.૬૫) તા.૧-૧ ના રોજ સ્વર્ગવાસી થયેલ છે. તેઓ કિર્તીદાન તથા મયૂરદાનના પિતાશ્રી થાય. બેસણું તા.૪-૧ ને રવિવારે સાંજે ૪ થી ૬ સિદસર રોડ ખાતે રાખેલ છે.
સ્વ. હંસાબેન મહેન્દ્રભાઈ ત્રિવેદી (ઉ.વ.૭૨) તા.૩૧-૧૨ ના રોજ સ્વર્ગવાસી થયેલ છે. તેઓ ચિરાગભાઈ તથા નિમેષભાઈના માતુશ્રી થાય. બેસણું તા.૩-૧ ને શનિવારે વિદ્યાનગર ખાતે રાખેલ છે.
સિંધી
ભાવનગર : સ્વ. લાલચંદ ટોપણદાસ આહુજા (ઉ.વ.૭૯) તા.૧-૧ ના રોજ સ્વર્ગવાસી થયેલ છે. તેઓ મનોજકુમાર તથા રાજકુમારના પિતાશ્રી થાય. બેસણું તા.૪-૧ ને રવિવારે સિંધુનગર ખાતે રાખેલ છે.
સ્વ. કાળુભાઈ ગગજીભાઈ બારડ (ઉ.વ.૭૧) તા.૧-૧ ના રોજ સ્વર્ગવાસી થયેલ છે. તેઓ ભીખુભાઈ તથા રમેશભાઈના પિતાશ્રી થાય. ઉત્તરક્રિયા તા.૧૦-૧ ના રોજ તેમના નિવાસસ્થાને રાખેલ છે.
શ્રદ્ધાંજલિ
સ્વ. જસુભાઈ નાનુભાઈ બારૈયા
સ્વ. તા. ૨૧-૧૨-૨૦૨૫, રવિવાર (ઉ.વ. ૬૭)
આપના અચાનક વિદાયથી અમો સૌ ઘેરા શોકમાં ડૂબી ગયા છીએ. આપે આપેલ સંસ્કાર અને સેવાની સુવાસ સદાય અમારી સાથે રહેશે.
પ્રભુ આપના પવિત્ર આત્માને પરમ શાંતિ આપે એ જ પ્રાર્થના.
લિ. આપનો શોકાતુર પરિવાર
મુ. ભાવનગર
સમસ્ત બારૈયા પરિવાર
ટાઈટલ સંબંધિત - જાહેર નોટિસ
મોજે ગામ- હાઠોદર, તાલુકો- ઘોઘા, જિલ્લો- ભાવનગર ખાતે આવેલી મિલકત રેવન્યુ સર્વે નં. ૪૩૫ (જુનો સર્વે નં. ૧૭૪/૨ પૈકી) વાળી ક્ષેત્રફળ ૪-૭૩-૨૭ હે.આર.ચો.મી. વાળી ખેતીની જમીન તેના મૂળ માલિકો (૧) મનુભાઈ કરશનભાઈ (૨) રમેશભાઈ કરશનભાઈ (૩) જયાબેન કરશનભાઈ તરફથી અમારા અસીલ ખરીદવા ઈચ્છે છે. સદરહુ મિલકત સંબંધે કોઈપણ વ્યક્તિ, પેઢી, સંસ્થા કે બેંકને વેચાણ, ગીરો, લીઝ, બક્ષિસ, વીલ, વારસાઈ, કબજા, લાયસન્સ કે અન્ય કોઈ પ્રકારનો હક્ક, હિત કે દાવો હોય તો આ જાહેર નોટિસ પ્રસિદ્ધ થયાના દિન-૭ (સાત)માં આધાર પુરાવા સહિત નીચે સહી કરનારને લેખિતમાં જાણ કરવી. સમય મર્યાદામાં કોઈ વાંધો રજૂ નહીં થાય તો સદરહુ મિલકત અંગે કોઈનો કોઈ હક્ક-હિસ્સો નથી તેમ માની વેચાણ વ્યવહાર પૂર્ણ કરવામાં આવશે, જેની સર્વેએ નોંધ લેવી.
તા. ૧-૧-૨૦૨૬
અમારા અસીલ વતી	જગદીશ બુસા	(એડવોકેટ)
સરનામું : ૧૧૦૪, મેરિડિયન ટાવર, હિલ ડ્રાઈવ, ભાવનગર-૩૬૪૦૦૨
ટાઈટલ સંબંધિત - જાહેર નોટિસ
મોજે ગામ- દેવગાણા, તાલુકો- સિહોર, જિલ્લો- ભાવનગર ખાતે આવેલી મિલકત રેવન્યુ સર્વે નં. ૩૦૮ (જુનો સર્વે નં. ૯૬/૨ પૈકી) વાળી ક્ષેત્રફળ ૨-૧૫-૫૦ હે.આર.ચો.મી. વાળી બિનખેતીની જમીન તથા તેના પરના બાંધકામ સહિતની મિલકત તેના મૂળ માલિક વારસદારો તરફથી અમારા અસીલ ખરીદવા ઈચ્છે છે. સદરહુ મિલકત સંબંધે કોઈપણ ઈસમ, પેઢી, સહકારી મંડળી, સંસ્થા કે બેંકને વેચાણ, ગીરો, લીઝ, બક્ષિસ, વીલ, વારસાઈ, વહીવટ, કબજા કે અન્ય કોઈ પ્રકારનો હક્ક, હિત કે દાવો હોય તો આ જાહેર નોટિસ પ્રસિદ્ધ થયાના દિન-૭ (સાત)માં આધાર પુરાવા સહિત નીચે સહી કરનારને લેખિતમાં વાંધો રજૂ કરવો. સમય મર્યાદા બાદ આવેલ કોઈપણ વાંધો ગ્રાહ્ય રાખવામાં આવશે નહીં અને વ્યવહાર પૂર્ણ કરવામાં આવશે, જેની જાહેર જનતાએ નોંધ લેવી.
તા. ૧-૧-૨૦૨૬
અમારા અસીલ વતી	જગદીશ બુસા	(એડવોકેટ)
સરનામું : ૧૧૦૪, મેરિડિયન ટાવર, હિલ ડ્રાઈવ, ભાવનગર-૩૬૪૦૦૨
+ cmyk
